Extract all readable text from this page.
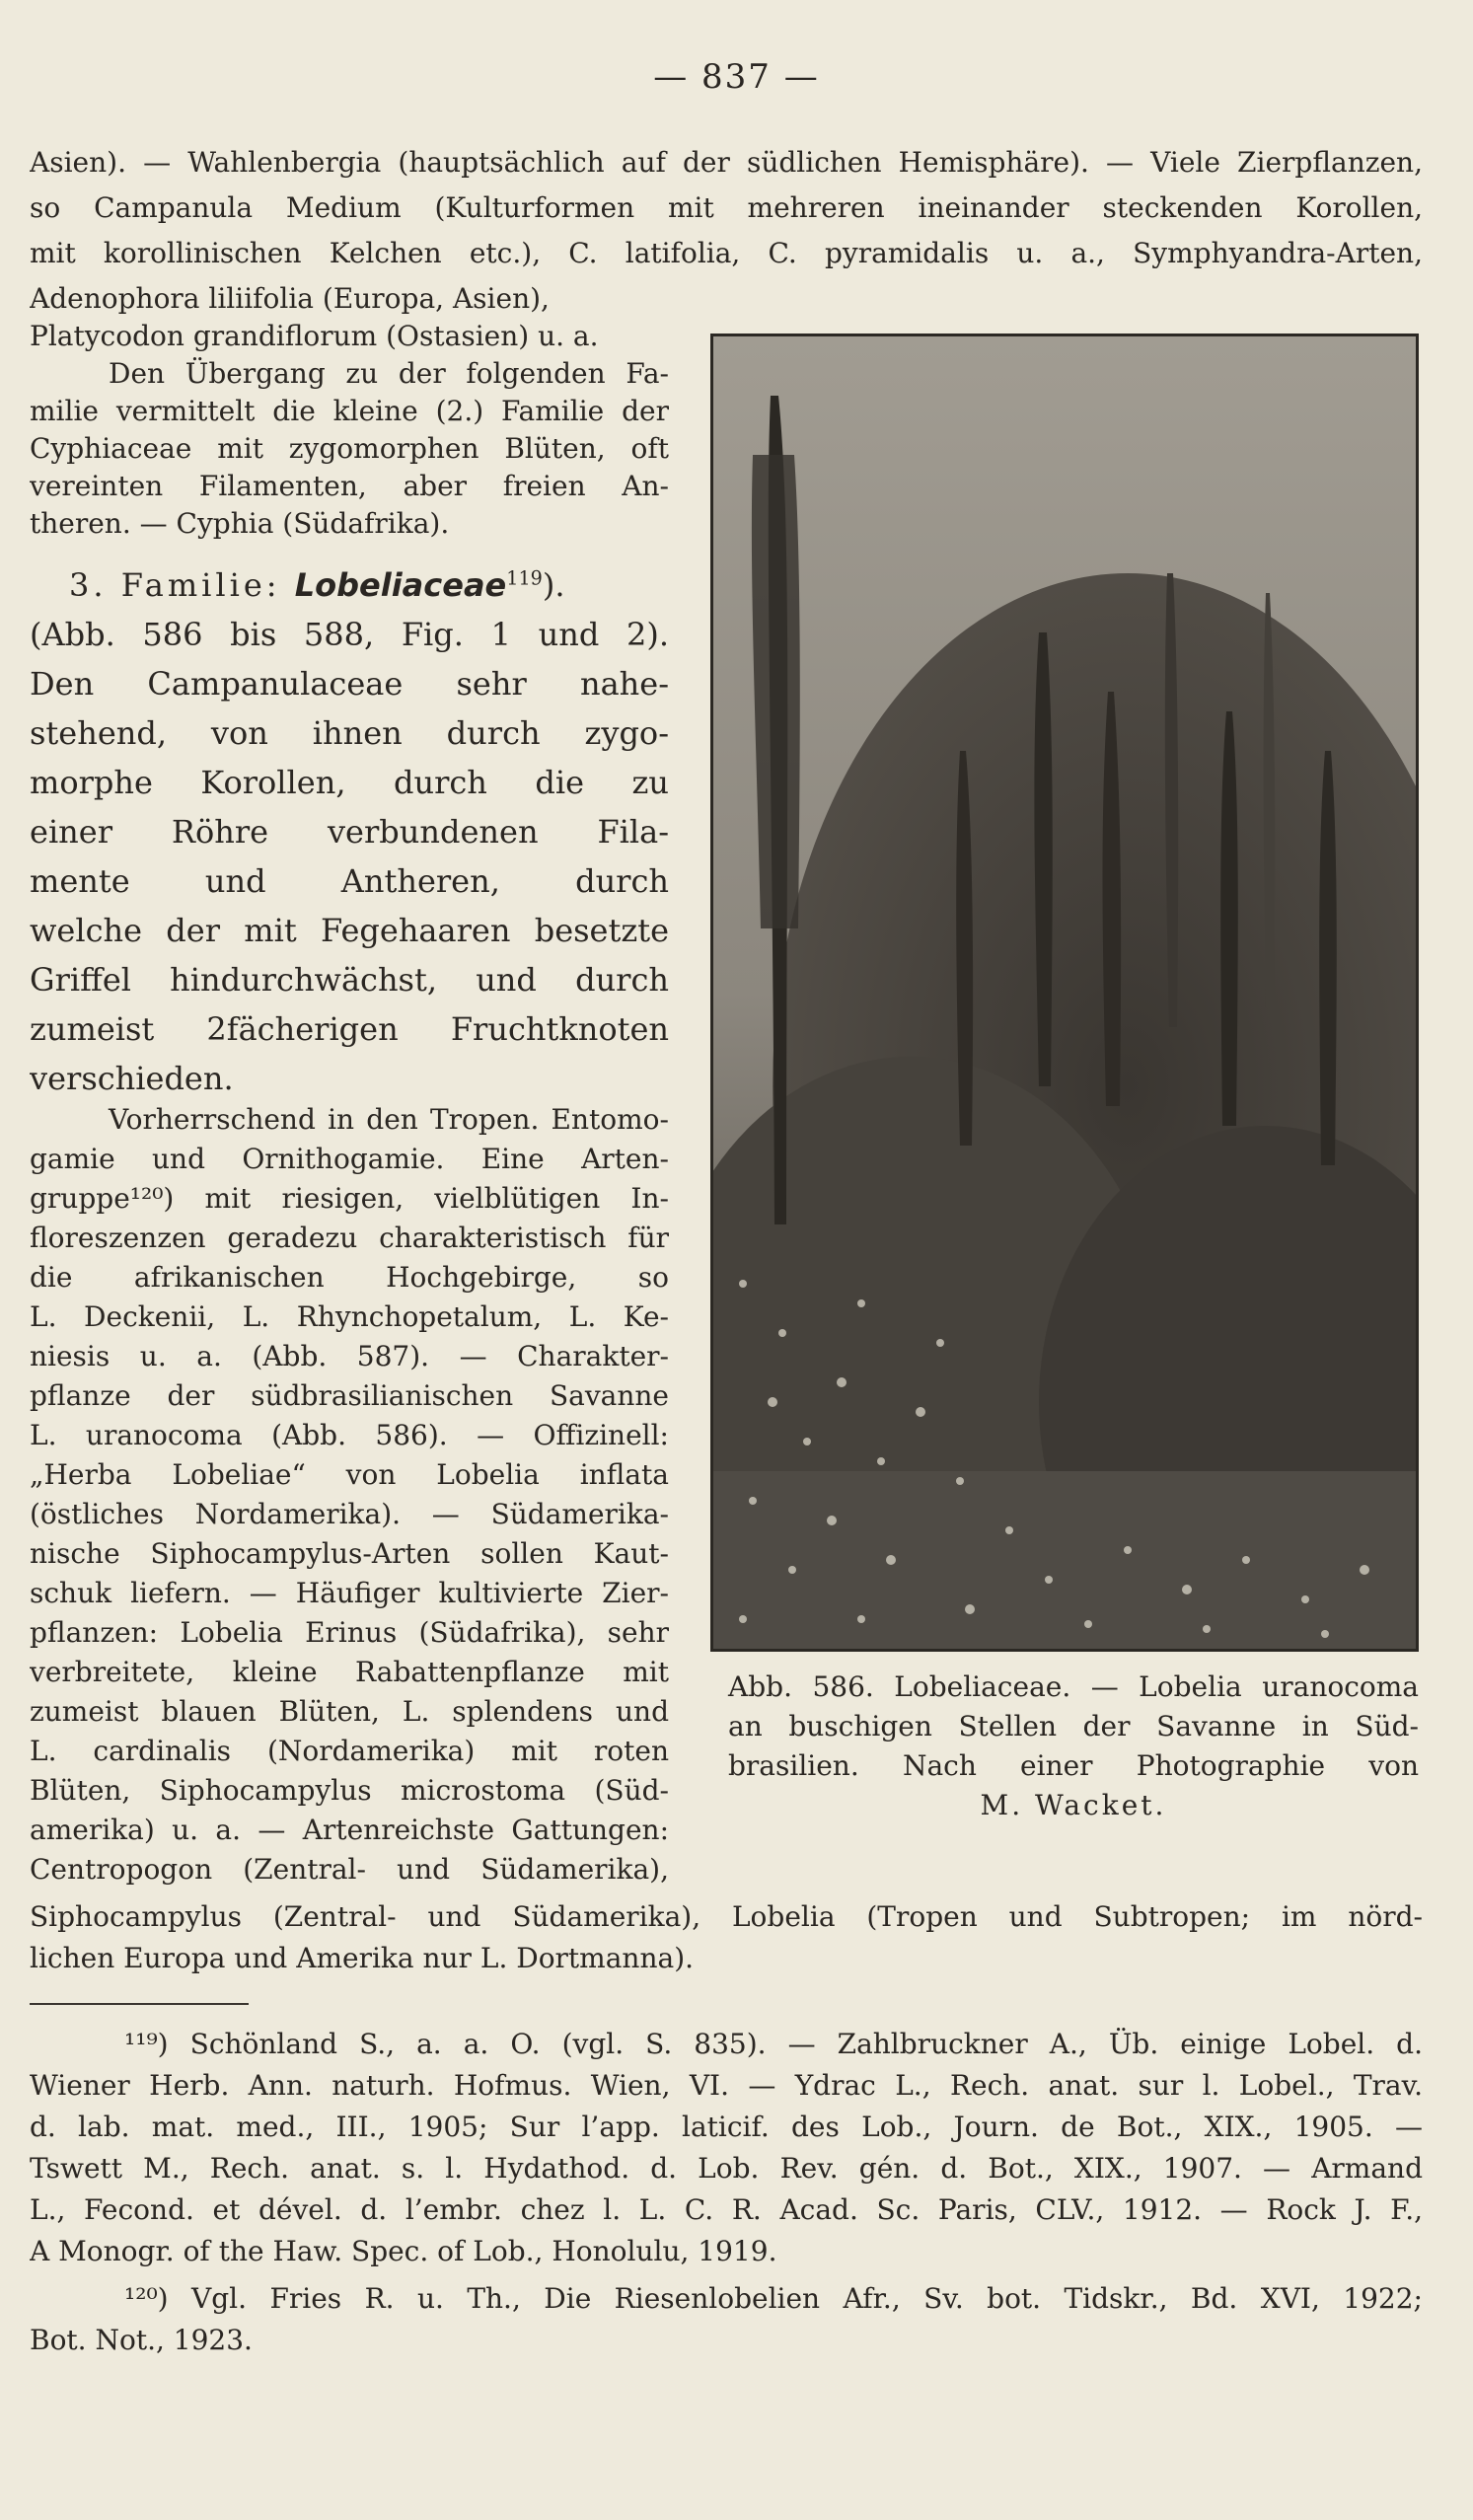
— 837 —
Asien). — Wahlenbergia (hauptsächlich auf der südlichen Hemisphäre). — Viele Zierpflanzen,
so Campanula Medium (Kulturformen mit mehreren ineinander steckenden Korollen,
mit korollinischen Kelchen etc.), C. latifolia, C. pyramidalis u. a., Symphyandra-Arten,
Adenophora liliifolia (Europa, Asien),
Platycodon grandiflorum (Ostasien) u. a.
Den Übergang zu der folgenden Fa-
milie vermittelt die kleine (2.) Familie der
Cyphiaceae mit zygomorphen Blüten, oft
vereinten Filamenten, aber freien An-
theren. — Cyphia (Südafrika).
3. Familie: Lobeliaceae$^{119}$).
(Abb. 586 bis 588, Fig. 1 und 2).
Den Campanulaceae sehr nahe-
stehend, von ihnen durch zygo-
morphe Korollen, durch die zu
einer Röhre verbundenen Fila-
mente und Antheren, durch
welche der mit Fegehaaren besetzte
Griffel hindurchwächst, und durch
zumeist 2fächerigen Fruchtknoten
verschieden.
Vorherrschend in den Tropen. Entomo-
gamie und Ornithogamie. Eine Arten-
gruppe¹²⁰) mit riesigen, vielblütigen In-
floreszenzen geradezu charakteristisch für
die afrikanischen Hochgebirge, so
L. Deckenii, L. Rhynchopetalum, L. Ke-
niesis u. a. (Abb. 587). — Charakter-
pflanze der südbrasilianischen Savanne
L. uranocoma (Abb. 586). — Offizinell:
„Herba Lobeliae“ von Lobelia inflata
(östliches Nordamerika). — Südamerika-
nische Siphocampylus-Arten sollen Kaut-
schuk liefern. — Häufiger kultivierte Zier-
pflanzen: Lobelia Erinus (Südafrika), sehr
verbreitete, kleine Rabattenpflanze mit
zumeist blauen Blüten, L. splendens und
L. cardinalis (Nordamerika) mit roten
Blüten, Siphocampylus microstoma (Süd-
amerika) u. a. — Artenreichste Gattungen:
Centropogon (Zentral- und Südamerika),
Siphocampylus (Zentral- und Südamerika), Lobelia (Tropen und Subtropen; im nörd-
lichen Europa und Amerika nur L. Dortmanna).
Abb. 586. Lobeliaceae. — Lobelia uranocoma
an buschigen Stellen der Savanne in Süd-
brasilien. Nach einer Photographie von
M. Wacket.
¹¹⁹) Schönland S., a. a. O. (vgl. S. 835). — Zahlbruckner A., Üb. einige Lobel. d.
Wiener Herb. Ann. naturh. Hofmus. Wien, VI. — Ydrac L., Rech. anat. sur l. Lobel., Trav.
d. lab. mat. med., III., 1905; Sur l’app. laticif. des Lob., Journ. de Bot., XIX., 1905. —
Tswett M., Rech. anat. s. l. Hydathod. d. Lob. Rev. gén. d. Bot., XIX., 1907. — Armand
L., Fecond. et dével. d. l’embr. chez l. L. C. R. Acad. Sc. Paris, CLV., 1912. — Rock J. F.,
A Monogr. of the Haw. Spec. of Lob., Honolulu, 1919.
¹²⁰) Vgl. Fries R. u. Th., Die Riesenlobelien Afr., Sv. bot. Tidskr., Bd. XVI, 1922;
Bot. Not., 1923.
